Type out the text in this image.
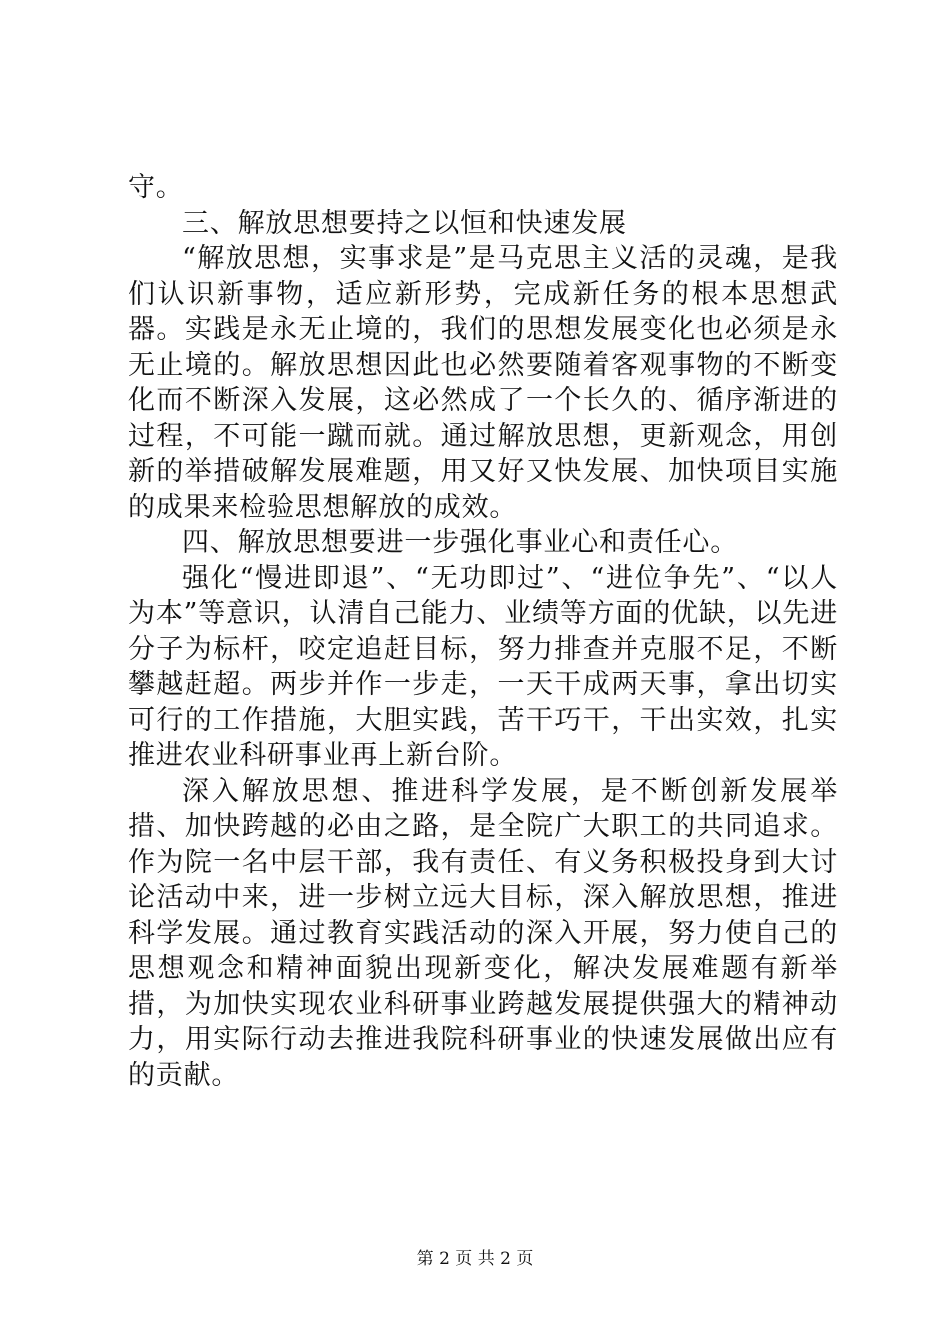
守。

三、解放思想要持之以恒和快速发展

“解放思想，实事求是”是马克思主义活的灵魂，是我们认识新事物，适应新形势，完成新任务的根本思想武器。实践是永无止境的，我们的思想发展变化也必须是永无止境的。解放思想因此也必然要随着客观事物的不断变化而不断深入发展，这必然成了一个长久的、循序渐进的过程，不可能一蹴而就。通过解放思想，更新观念，用创新的举措破解发展难题，用又好又快发展、加快项目实施的成果来检验思想解放的成效。

四、解放思想要进一步强化事业心和责任心。

强化“慢进即退”、“无功即过”、“进位争先”、“以人为本”等意识，认清自己能力、业绩等方面的优缺，以先进分子为标杆，咬定追赶目标，努力排查并克服不足，不断攀越赶超。两步并作一步走，一天干成两天事，拿出切实可行的工作措施，大胆实践，苦干巧干，干出实效，扎实推进农业科研事业再上新台阶。

深入解放思想、推进科学发展，是不断创新发展举措、加快跨越的必由之路，是全院广大职工的共同追求。作为院一名中层干部，我有责任、有义务积极投身到大讨论活动中来，进一步树立远大目标，深入解放思想，推进科学发展。通过教育实践活动的深入开展，努力使自己的思想观念和精神面貌出现新变化，解决发展难题有新举措，为加快实现农业科研事业跨越发展提供强大的精神动力，用实际行动去推进我院科研事业的快速发展做出应有的贡献。

第 2 页 共 2 页
